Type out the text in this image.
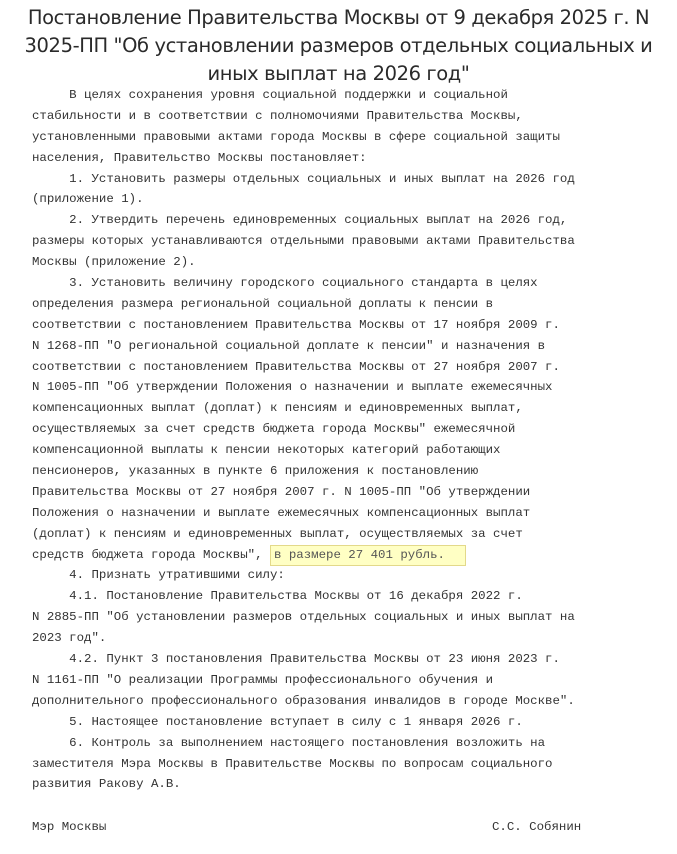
Постановление Правительства Москвы от 9 декабря 2025 г. N
3025-ПП "Об установлении размеров отдельных социальных и
иных выплат на 2026 год"
В целях сохранения уровня социальной поддержки и социальной
стабильности и в соответствии с полномочиями Правительства Москвы,
установленными правовыми актами города Москвы в сфере социальной защиты
населения, Правительство Москвы постановляет:
1. Установить размеры отдельных социальных и иных выплат на 2026 год
(приложение 1).
2. Утвердить перечень единовременных социальных выплат на 2026 год,
размеры которых устанавливаются отдельными правовыми актами Правительства
Москвы (приложение 2).
3. Установить величину городского социального стандарта в целях
определения размера региональной социальной доплаты к пенсии в
соответствии с постановлением Правительства Москвы от 17 ноября 2009 г.
N 1268-ПП "О региональной социальной доплате к пенсии" и назначения в
соответствии с постановлением Правительства Москвы от 27 ноября 2007 г.
N 1005-ПП "Об утверждении Положения о назначении и выплате ежемесячных
компенсационных выплат (доплат) к пенсиям и единовременных выплат,
осуществляемых за счет средств бюджета города Москвы" ежемесячной
компенсационной выплаты к пенсии некоторых категорий работающих
пенсионеров, указанных в пункте 6 приложения к постановлению
Правительства Москвы от 27 ноября 2007 г. N 1005-ПП "Об утверждении
Положения о назначении и выплате ежемесячных компенсационных выплат
(доплат) к пенсиям и единовременных выплат, осуществляемых за счет
средств бюджета города Москвы", в размере 27 401 рубль.
4. Признать утратившими силу:
4.1. Постановление Правительства Москвы от 16 декабря 2022 г.
N 2885-ПП "Об установлении размеров отдельных социальных и иных выплат на
2023 год".
4.2. Пункт 3 постановления Правительства Москвы от 23 июня 2023 г.
N 1161-ПП "О реализации Программы профессионального обучения и
дополнительного профессионального образования инвалидов в городе Москве".
5. Настоящее постановление вступает в силу с 1 января 2026 г.
6. Контроль за выполнением настоящего постановления возложить на
заместителя Мэра Москвы в Правительстве Москвы по вопросам социального
развития Ракову А.В.
Мэр Москвы	С.С. Собянин
